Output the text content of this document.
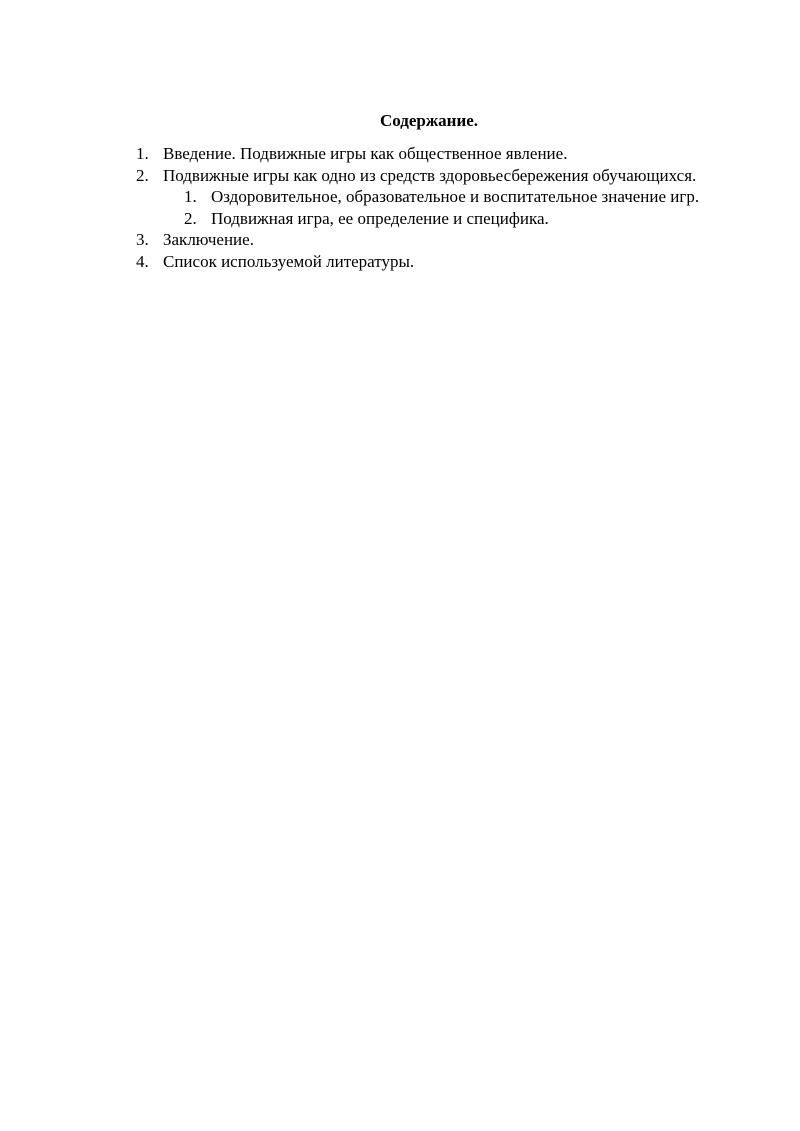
Содержание.
1. Введение. Подвижные игры как общественное явление.
2. Подвижные игры как одно из средств здоровьесбережения обучающихся.
1. Оздоровительное, образовательное и воспитательное значение игр.
2. Подвижная игра, ее определение и специфика.
3. Заключение.
4. Список используемой литературы.
